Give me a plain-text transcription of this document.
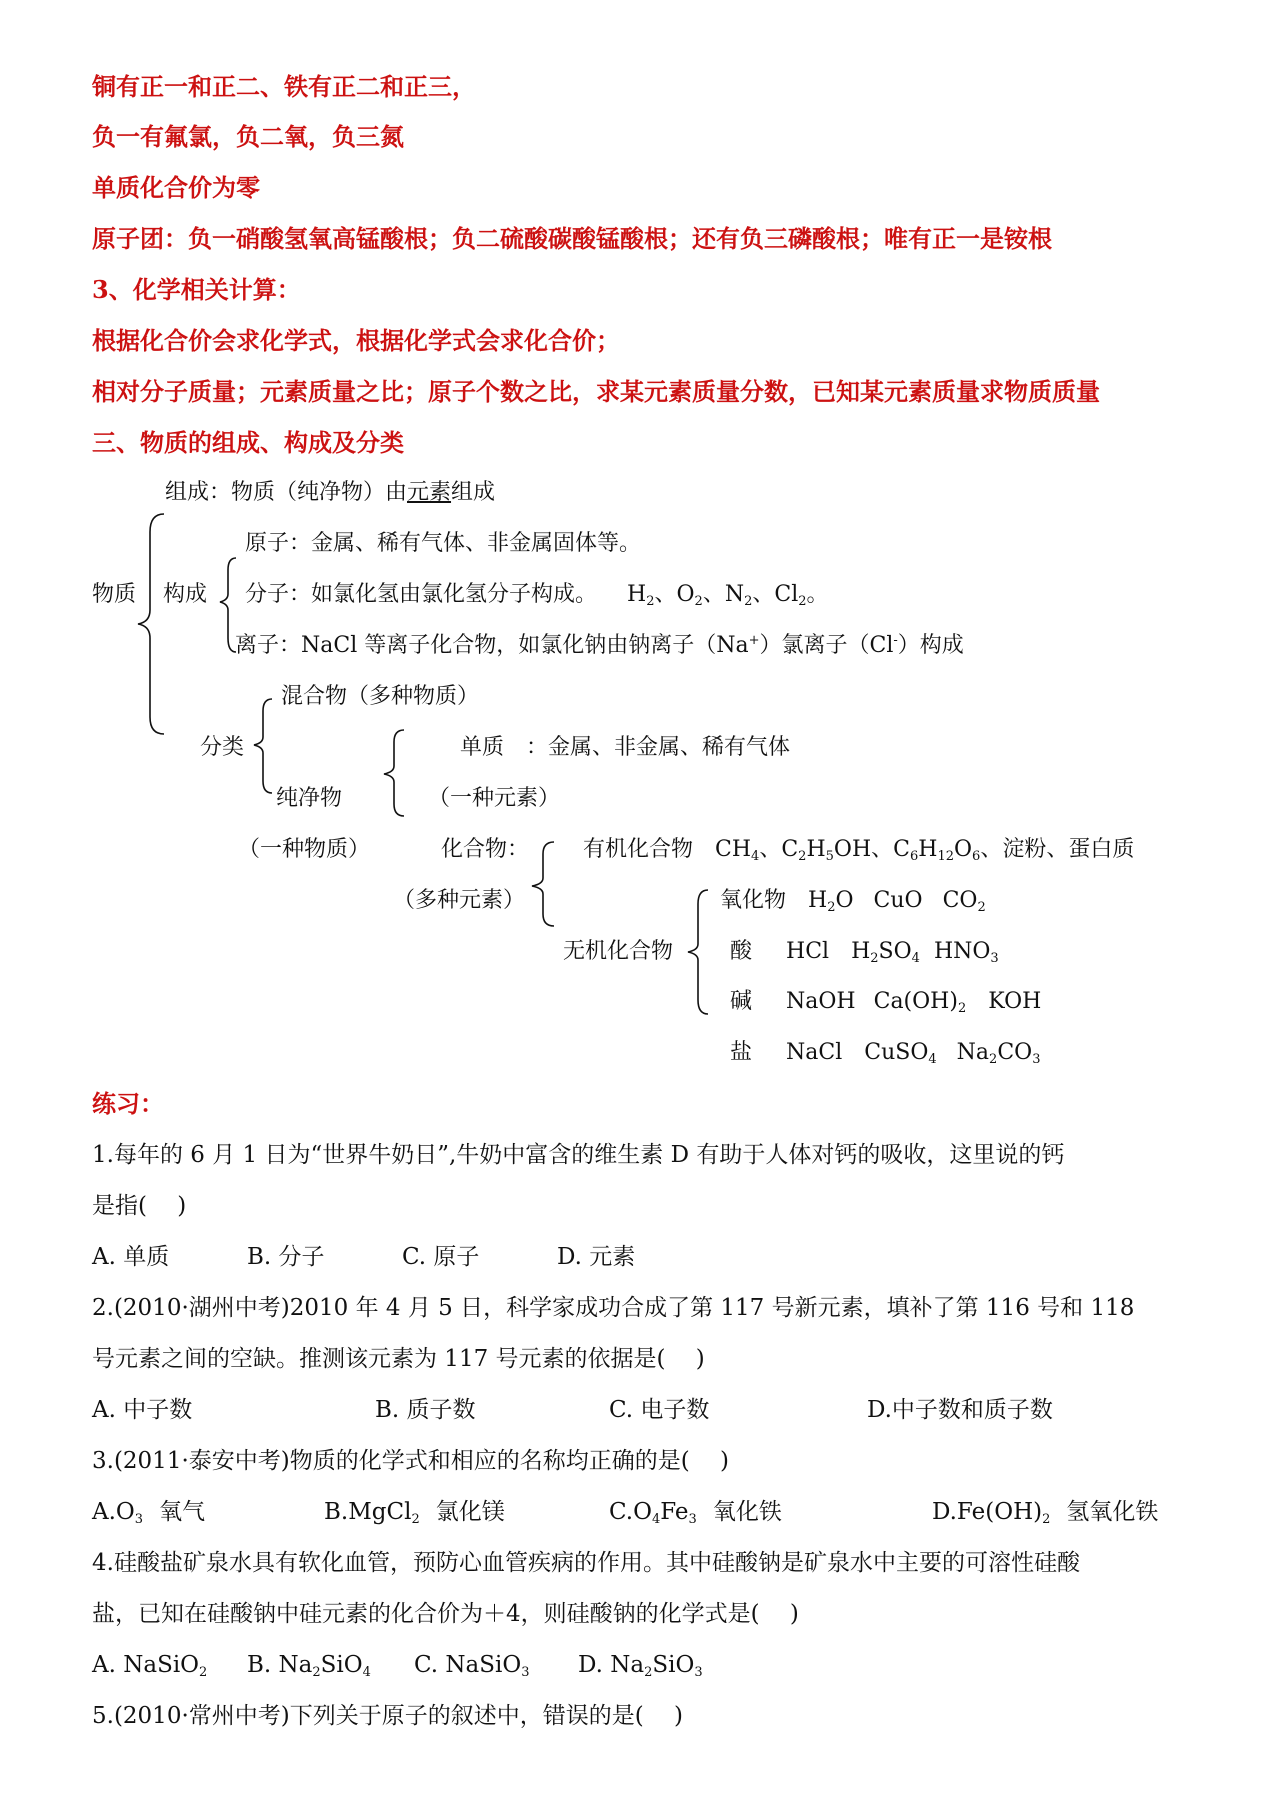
铜有正一和正二、铁有正二和正三，
负一有氟氯，负二氧，负三氮
单质化合价为零
原子团：负一硝酸氢氧高锰酸根；负二硫酸碳酸锰酸根；还有负三磷酸根；唯有正一是铵根
3、化学相关计算：
根据化合价会求化学式，根据化学式会求化合价；
相对分子质量；元素质量之比；原子个数之比，求某元素质量分数，已知某元素质量求物质质量
三、物质的组成、构成及分类
组成：物质（纯净物）由元素组成
物质 构成
原子：金属、稀有气体、非金属固体等。
分子：如氯化氢由氯化氢分子构成。 $H_2$、$O_2$、$N_2$、$Cl_2$。
离子：NaCl 等离子化合物，如氯化钠由钠离子（Na+）氯离子（Cl-）构成
混合物（多种物质）
分类
纯净物
（一种物质）
单质 ：金属、非金属、稀有气体
（一种元素）
化合物：
（多种元素）
有机化合物 $CH_4$、$C_2H_5OH$、$C_6H_{12}O_6$、淀粉、蛋白质
无机化合物
氧化物 $H_2O$ CuO $CO_2$
酸 HCl $H_2SO_4$ $HNO_3$
碱 NaOH $Ca(OH)_2$ KOH
盐 NaCl CuSO$_4$ $Na_2CO_3$
练习：
1.每年的 6 月 1 日为“世界牛奶日”,牛奶中富含的维生素 D 有助于人体对钙的吸收，这里说的钙
是指(　 )
A. 单质	B. 分子	C. 原子	D. 元素
2.(2010·湖州中考)2010 年 4 月 5 日，科学家成功合成了第 117 号新元素，填补了第 116 号和 118
号元素之间的空缺。推测该元素为 117 号元素的依据是(　 )
A. 中子数	B. 质子数	C. 电子数	D.中子数和质子数
3.(2011·泰安中考)物质的化学式和相应的名称均正确的是(　 )
$A.O_3$ 氧气	B.MgCl$_2$ 氯化镁	$C.O_4Fe_3$ 氧化铁	$D.Fe(OH)_2$ 氢氧化铁
4.硅酸盐矿泉水具有软化血管，预防心血管疾病的作用。其中硅酸钠是矿泉水中主要的可溶性硅酸
盐，已知在硅酸钠中硅元素的化合价为＋4，则硅酸钠的化学式是(　 )
A. NaSiO$_2$ B. $Na_2SiO_4$ C. NaSiO$_3$ D. $Na_2SiO_3$
5.(2010·常州中考)下列关于原子的叙述中，错误的是(　 )
